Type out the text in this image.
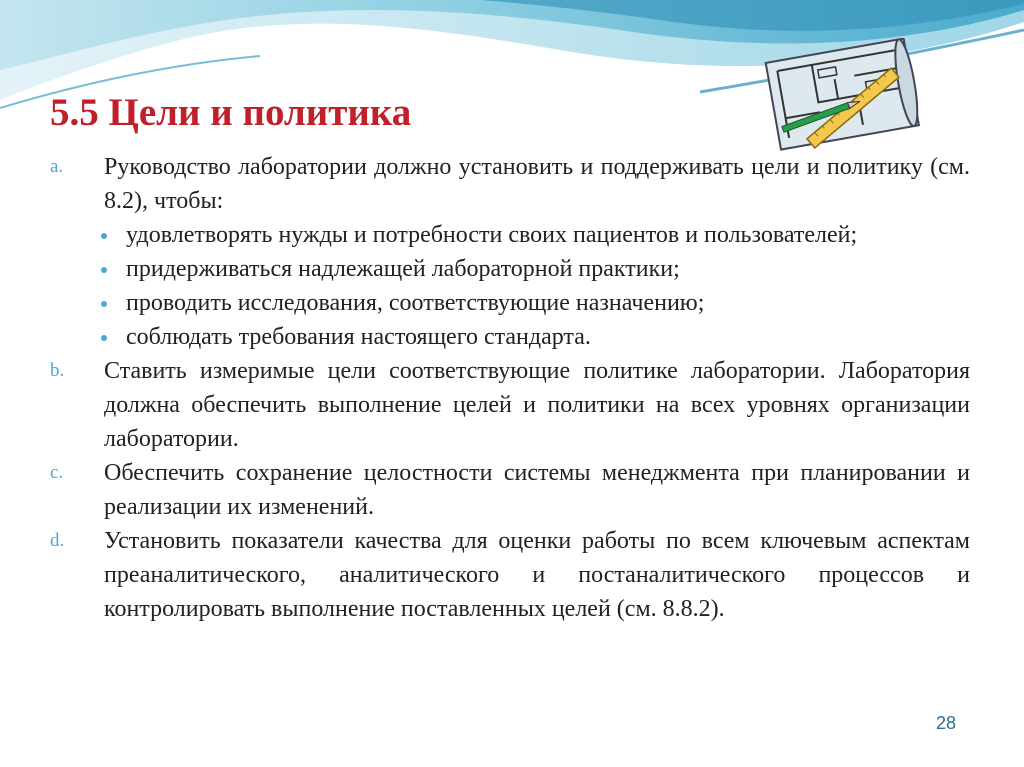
5.5 Цели и политика
a. Руководство лаборатории должно установить и поддерживать цели и политику (см. 8.2), чтобы:
удовлетворять нужды и потребности своих пациентов и пользователей;
придерживаться надлежащей лабораторной практики;
проводить исследования, соответствующие назначению;
соблюдать требования настоящего стандарта.
b. Ставить измеримые цели соответствующие политике лаборатории. Лаборатория должна обеспечить выполнение целей и политики на всех уровнях организации лаборатории.
c. Обеспечить сохранение целостности системы менеджмента при планировании и реализации их изменений.
d. Установить показатели качества для оценки работы по всем ключевым аспектам преаналитического, аналитического и постаналитического процессов и контролировать выполнение поставленных целей (см. 8.8.2).
28
